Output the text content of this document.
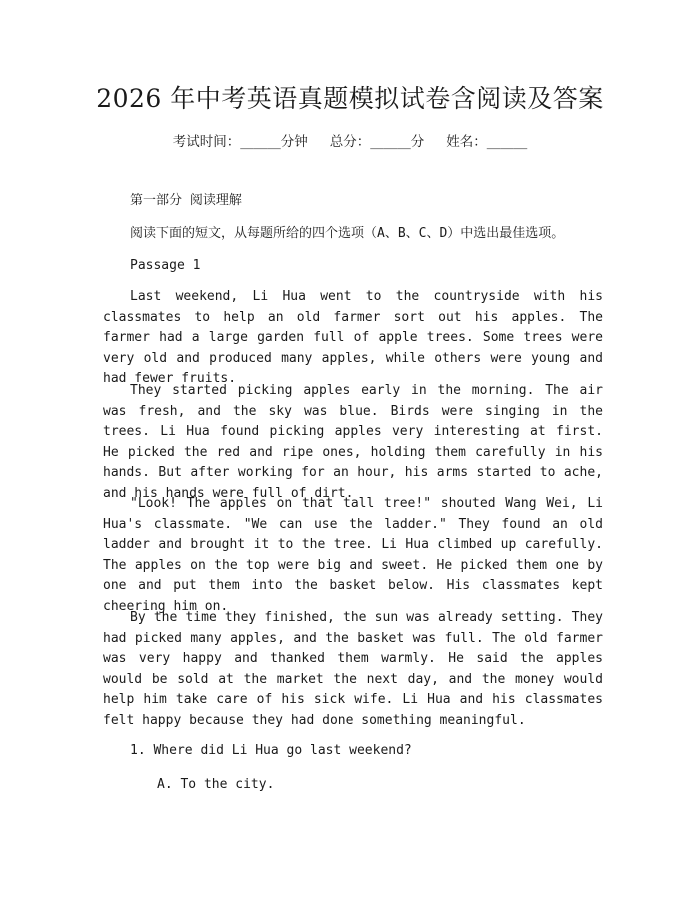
2026 年中考英语真题模拟试卷含阅读及答案
考试时间：______分钟 总分：______分 姓名：______

第一部分 阅读理解

阅读下面的短文，从每题所给的四个选项（A、B、C、D）中选出最佳选项。

Passage 1

Last weekend, Li Hua went to the countryside with his classmates to help an old farmer sort out his apples. The farmer had a large garden full of apple trees. Some trees were very old and produced many apples, while others were young and had fewer fruits.

They started picking apples early in the morning. The air was fresh, and the sky was blue. Birds were singing in the trees. Li Hua found picking apples very interesting at first. He picked the red and ripe ones, holding them carefully in his hands. But after working for an hour, his arms started to ache, and his hands were full of dirt.

"Look! The apples on that tall tree!" shouted Wang Wei, Li Hua's classmate. "We can use the ladder." They found an old ladder and brought it to the tree. Li Hua climbed up carefully. The apples on the top were big and sweet. He picked them one by one and put them into the basket below. His classmates kept cheering him on.

By the time they finished, the sun was already setting. They had picked many apples, and the basket was full. The old farmer was very happy and thanked them warmly. He said the apples would be sold at the market the next day, and the money would help him take care of his sick wife. Li Hua and his classmates felt happy because they had done something meaningful.

1. Where did Li Hua go last weekend?

A. To the city.
